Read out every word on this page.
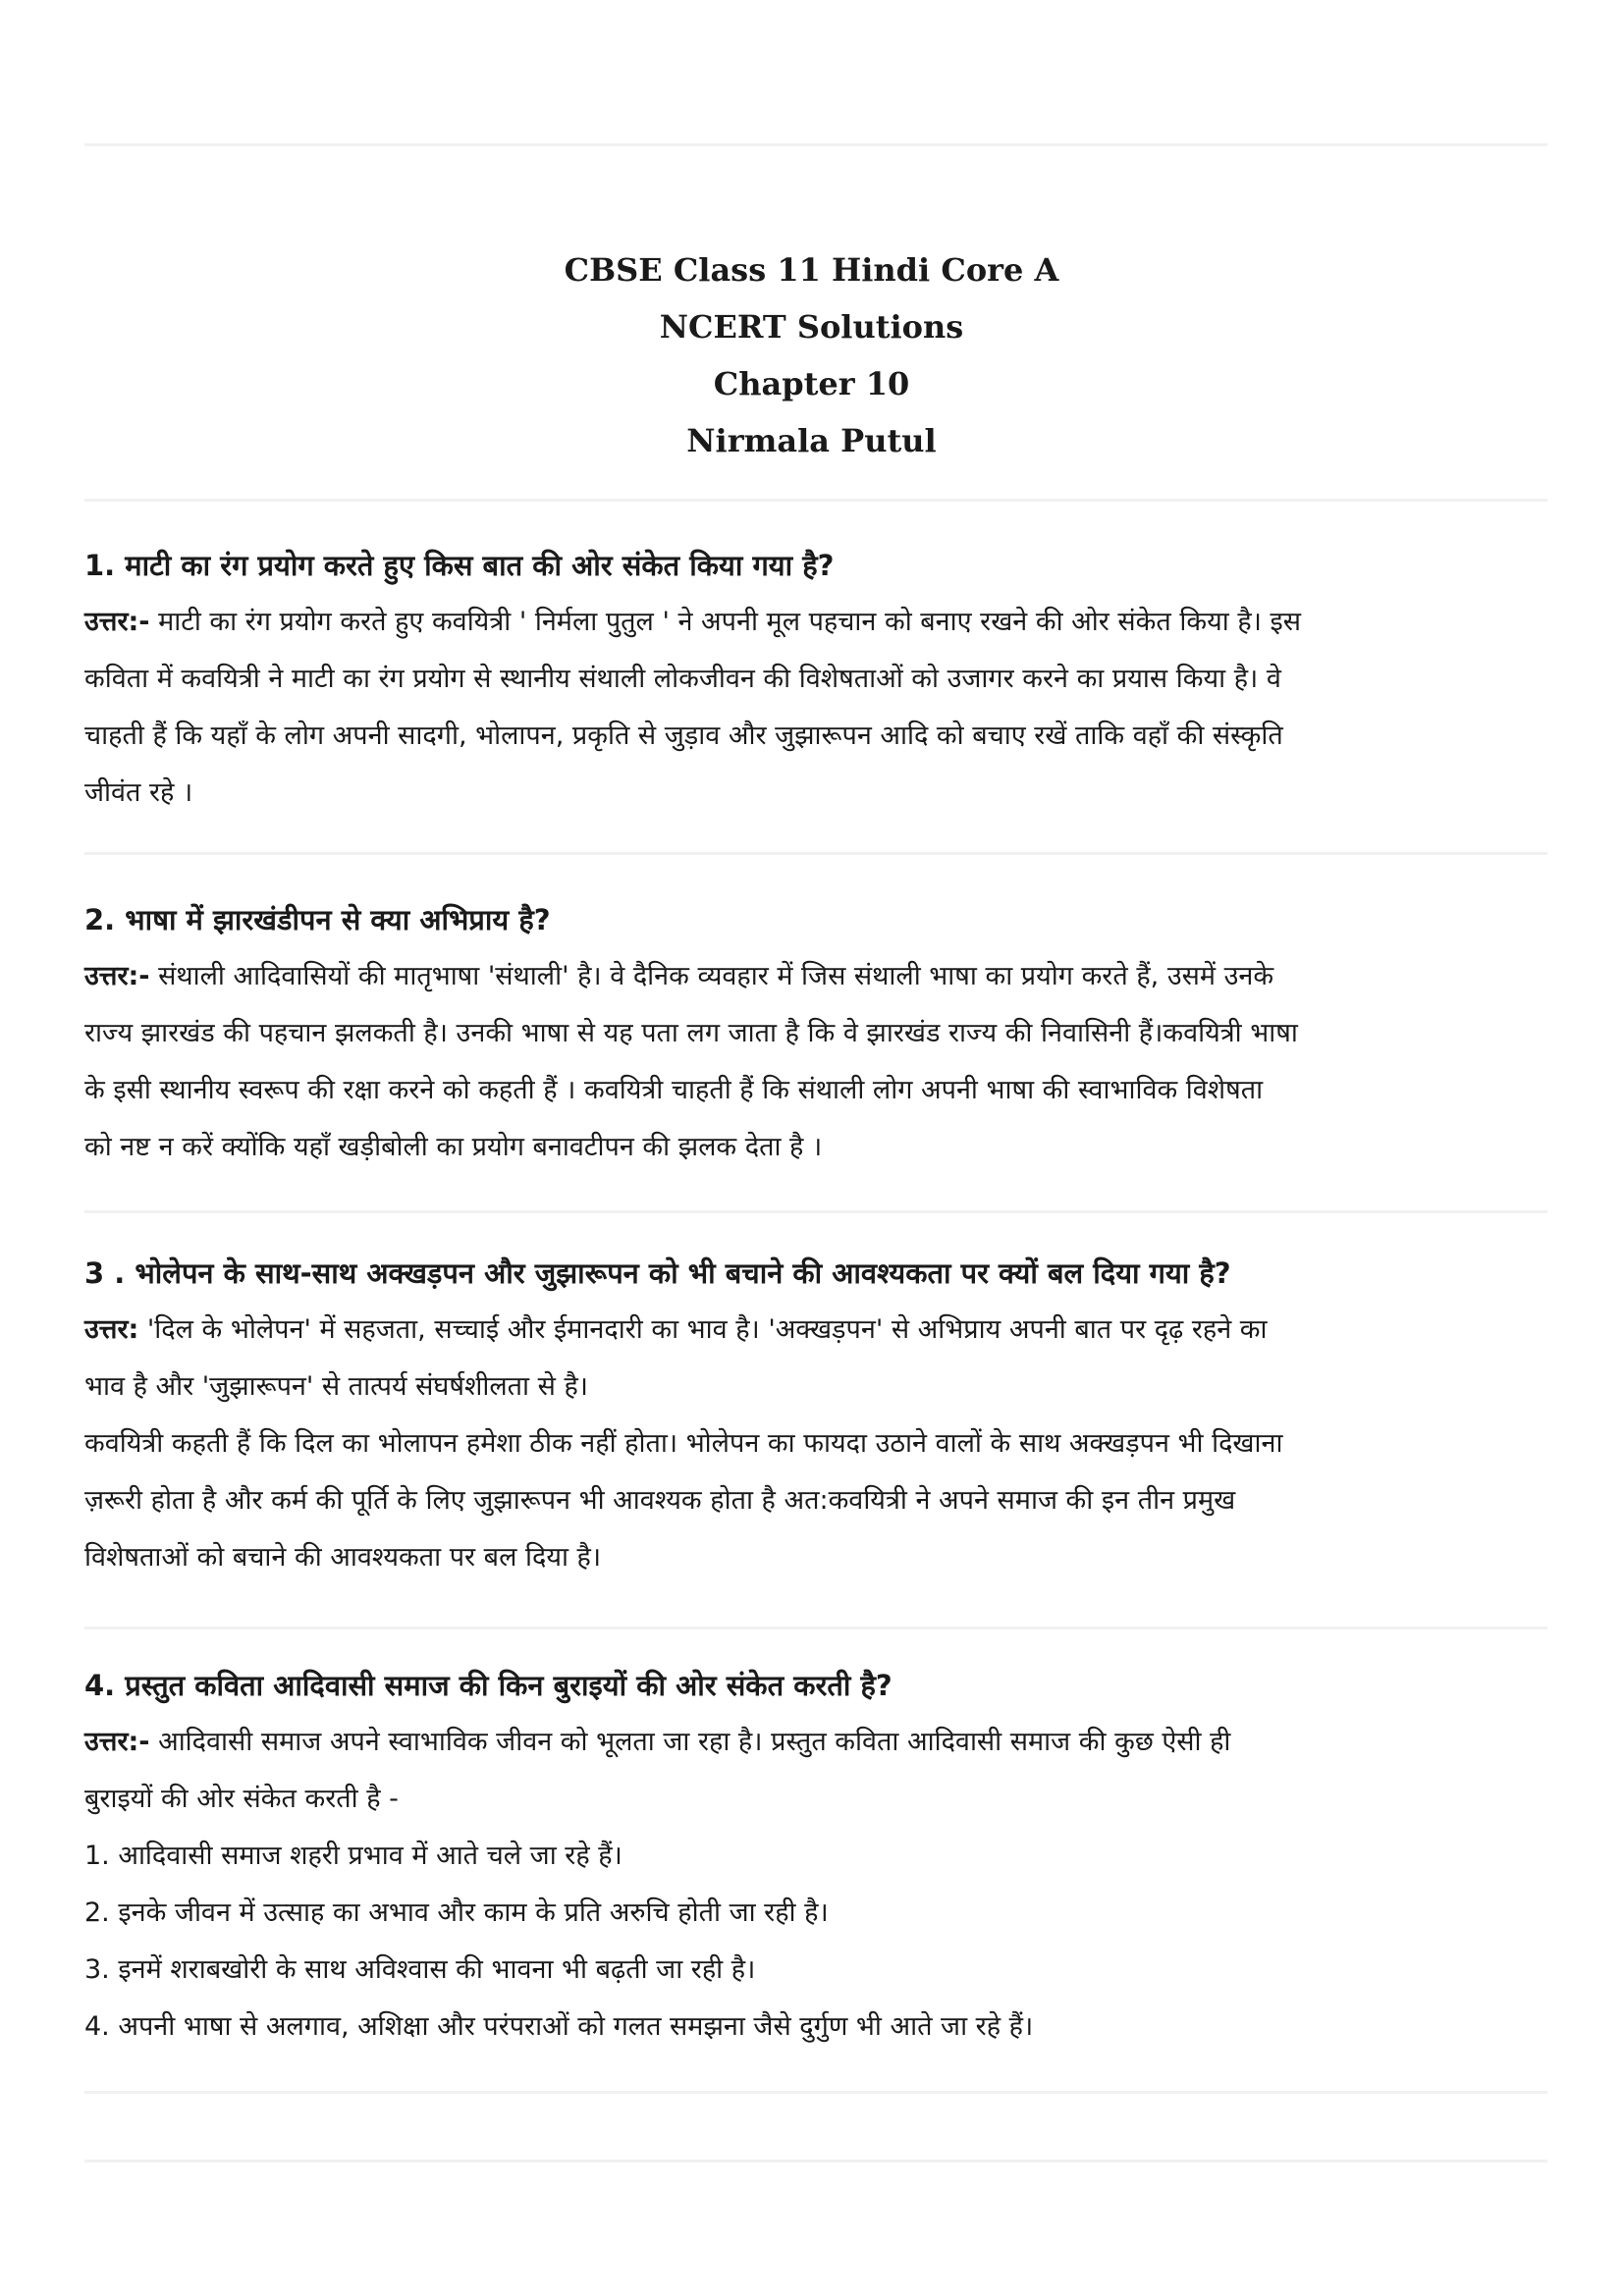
CBSE Class 11 Hindi Core A
NCERT Solutions
Chapter 10
Nirmala Putul
1. माटी का रंग प्रयोग करते हुए किस बात की ओर संकेत किया गया है?
उत्तर:- माटी का रंग प्रयोग करते हुए कवयित्री ' निर्मला पुतुल ' ने अपनी मूल पहचान को बनाए रखने की ओर संकेत किया है। इस
कविता में कवयित्री ने माटी का रंग प्रयोग से स्थानीय संथाली लोकजीवन की विशेषताओं को उजागर करने का प्रयास किया है। वे
चाहती हैं कि यहाँ के लोग अपनी सादगी, भोलापन, प्रकृति से जुड़ाव और जुझारूपन आदि को बचाए रखें ताकि वहाँ की संस्कृति
जीवंत रहे ।
2. भाषा में झारखंडीपन से क्या अभिप्राय है?
उत्तर:- संथाली आदिवासियों की मातृभाषा 'संथाली' है। वे दैनिक व्यवहार में जिस संथाली भाषा का प्रयोग करते हैं, उसमें उनके
राज्य झारखंड की पहचान झलकती है। उनकी भाषा से यह पता लग जाता है कि वे झारखंड राज्य की निवासिनी हैं।कवयित्री भाषा
के इसी स्थानीय स्वरूप की रक्षा करने को कहती हैं । कवयित्री चाहती हैं कि संथाली लोग अपनी भाषा की स्वाभाविक विशेषता
को नष्ट न करें क्योंकि यहाँ खड़ीबोली का प्रयोग बनावटीपन की झलक देता है ।
3 . भोलेपन के साथ-साथ अक्खड़पन और जुझारूपन को भी बचाने की आवश्यकता पर क्यों बल दिया गया है?
उत्तर: 'दिल के भोलेपन' में सहजता, सच्चाई और ईमानदारी का भाव है। 'अक्खड़पन' से अभिप्राय अपनी बात पर दृढ़ रहने का
भाव है और 'जुझारूपन' से तात्पर्य संघर्षशीलता से है।
कवयित्री कहती हैं कि दिल का भोलापन हमेशा ठीक नहीं होता। भोलेपन का फायदा उठाने वालों के साथ अक्खड़पन भी दिखाना
ज़रूरी होता है और कर्म की पूर्ति के लिए जुझारूपन भी आवश्यक होता है अत:कवयित्री ने अपने समाज की इन तीन प्रमुख
विशेषताओं को बचाने की आवश्यकता पर बल दिया है।
4. प्रस्तुत कविता आदिवासी समाज की किन बुराइयों की ओर संकेत करती है?
उत्तर:- आदिवासी समाज अपने स्वाभाविक जीवन को भूलता जा रहा है। प्रस्तुत कविता आदिवासी समाज की कुछ ऐसी ही
बुराइयों की ओर संकेत करती है -
1. आदिवासी समाज शहरी प्रभाव में आते चले जा रहे हैं।
2. इनके जीवन में उत्साह का अभाव और काम के प्रति अरुचि होती जा रही है।
3. इनमें शराबखोरी के साथ अविश्वास की भावना भी बढ़ती जा रही है।
4. अपनी भाषा से अलगाव, अशिक्षा और परंपराओं को गलत समझना जैसे दुर्गुण भी आते जा रहे हैं।
